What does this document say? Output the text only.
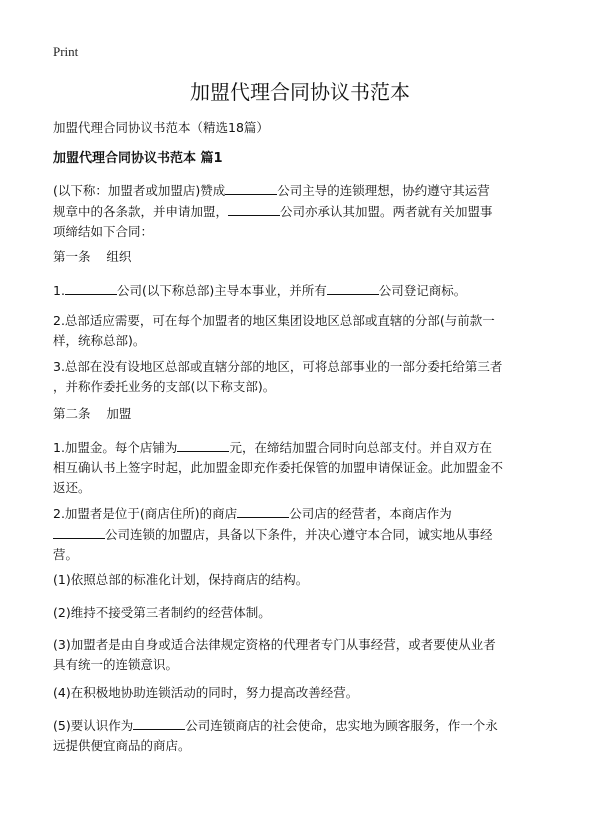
Print
加盟代理合同协议书范本
加盟代理合同协议书范本（精选18篇）
加盟代理合同协议书范本 篇1

(以下称：加盟者或加盟店)赞成	公司主导的连锁理想，协约遵守其运营
规章中的各条款，并申请加盟，	公司亦承认其加盟。两者就有关加盟事
项缔结如下合同：

第一条    组织

1.	公司(以下称总部)主导本事业，并所有	公司登记商标。

2.总部适应需要，可在每个加盟者的地区集团设地区总部或直辖的分部(与前款一
样，统称总部)。

3.总部在没有设地区总部或直辖分部的地区，可将总部事业的一部分委托给第三者
，并称作委托业务的支部(以下称支部)。

第二条    加盟

1.加盟金。每个店铺为	元，在缔结加盟合同时向总部支付。并自双方在
相互确认书上签字时起，此加盟金即充作委托保管的加盟申请保证金。此加盟金不
返还。

2.加盟者是位于(商店住所)的商店	公司店的经营者，本商店作为
公司连锁的加盟店，具备以下条件，并决心遵守本合同，诚实地从事经
营。

(1)依照总部的标准化计划，保持商店的结构。

(2)维持不接受第三者制约的经营体制。

(3)加盟者是由自身或适合法律规定资格的代理者专门从事经营，或者要使从业者
具有统一的连锁意识。

(4)在积极地协助连锁活动的同时，努力提高改善经营。

(5)要认识作为	公司连锁商店的社会使命，忠实地为顾客服务，作一个永
远提供便宜商品的商店。
